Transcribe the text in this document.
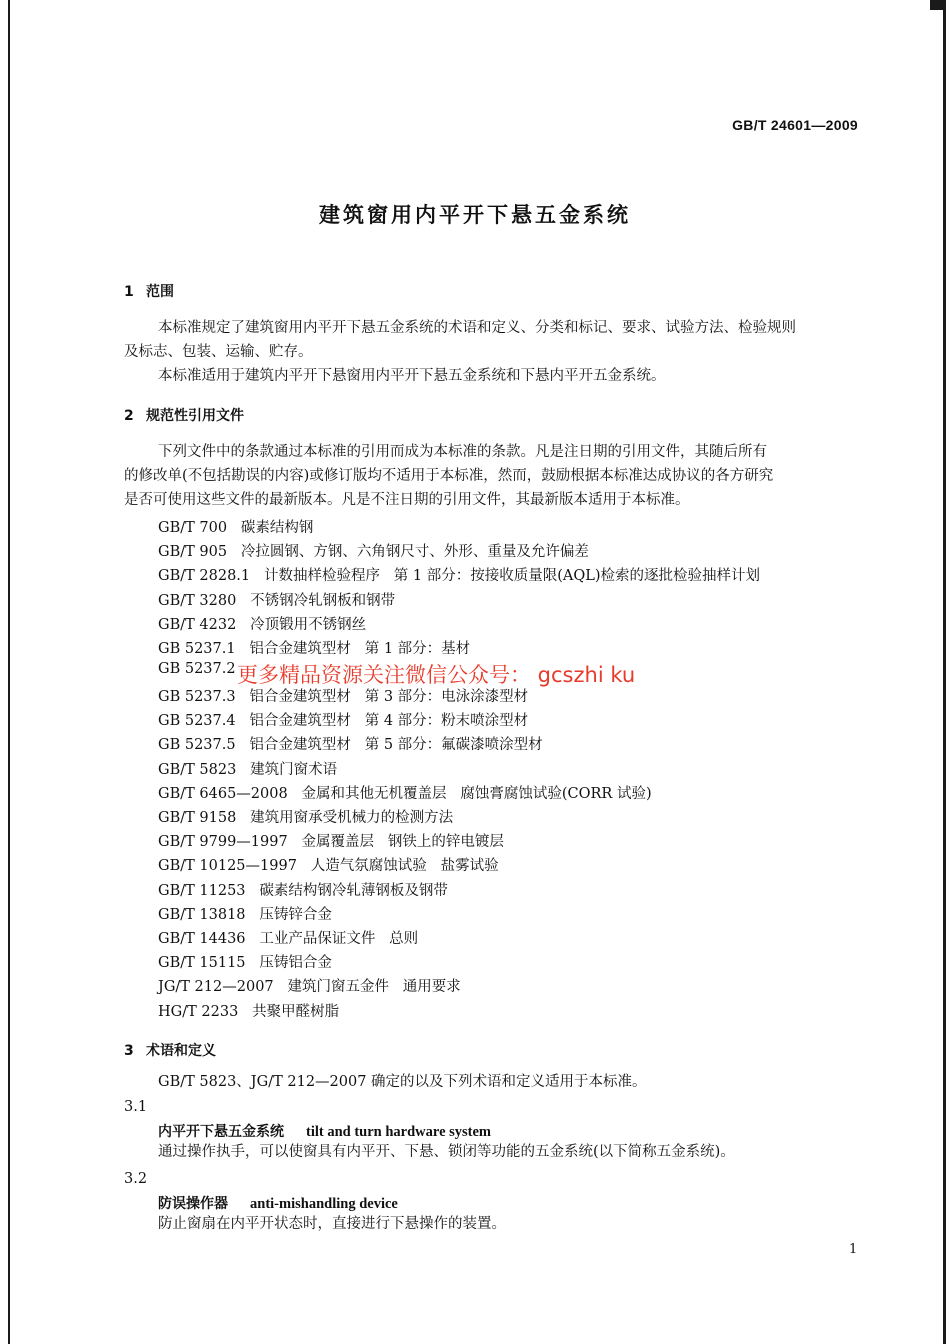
GB/T 24601—2009
建筑窗用内平开下悬五金系统
1 范围
本标准规定了建筑窗用内平开下悬五金系统的术语和定义、分类和标记、要求、试验方法、检验规则
及标志、包装、运输、贮存。
本标准适用于建筑内平开下悬窗用内平开下悬五金系统和下悬内平开五金系统。
2 规范性引用文件
下列文件中的条款通过本标准的引用而成为本标准的条款。凡是注日期的引用文件，其随后所有
的修改单(不包括勘误的内容)或修订版均不适用于本标准，然而，鼓励根据本标准达成协议的各方研究
是否可使用这些文件的最新版本。凡是不注日期的引用文件，其最新版本适用于本标准。
GB/T 700   碳素结构钢
GB/T 905   冷拉圆钢、方钢、六角钢尺寸、外形、重量及允许偏差
GB/T 2828.1   计数抽样检验程序   第 1 部分：按接收质量限(AQL)检索的逐批检验抽样计划
GB/T 3280   不锈钢冷轧钢板和钢带
GB/T 4232   冷顶锻用不锈钢丝
GB 5237.1   铝合金建筑型材   第 1 部分：基材
GB 5237.2
GB 5237.3   铝合金建筑型材   第 3 部分：电泳涂漆型材
GB 5237.4   铝合金建筑型材   第 4 部分：粉末喷涂型材
GB 5237.5   铝合金建筑型材   第 5 部分：氟碳漆喷涂型材
GB/T 5823   建筑门窗术语
GB/T 6465—2008   金属和其他无机覆盖层   腐蚀膏腐蚀试验(CORR 试验)
GB/T 9158   建筑用窗承受机械力的检测方法
GB/T 9799—1997   金属覆盖层   钢铁上的锌电镀层
GB/T 10125—1997   人造气氛腐蚀试验   盐雾试验
GB/T 11253   碳素结构钢冷轧薄钢板及钢带
GB/T 13818   压铸锌合金
GB/T 14436   工业产品保证文件   总则
GB/T 15115   压铸铝合金
JG/T 212—2007   建筑门窗五金件   通用要求
HG/T 2233   共聚甲醛树脂
更多精品资源关注微信公众号： gcszhi ku
3 术语和定义
GB/T 5823、JG/T 212—2007 确定的以及下列术语和定义适用于本标准。
3.1
内平开下悬五金系统 tilt and turn hardware system
通过操作执手，可以使窗具有内平开、下悬、锁闭等功能的五金系统(以下简称五金系统)。
3.2
防误操作器 anti-mishandling device
防止窗扇在内平开状态时，直接进行下悬操作的装置。
1
